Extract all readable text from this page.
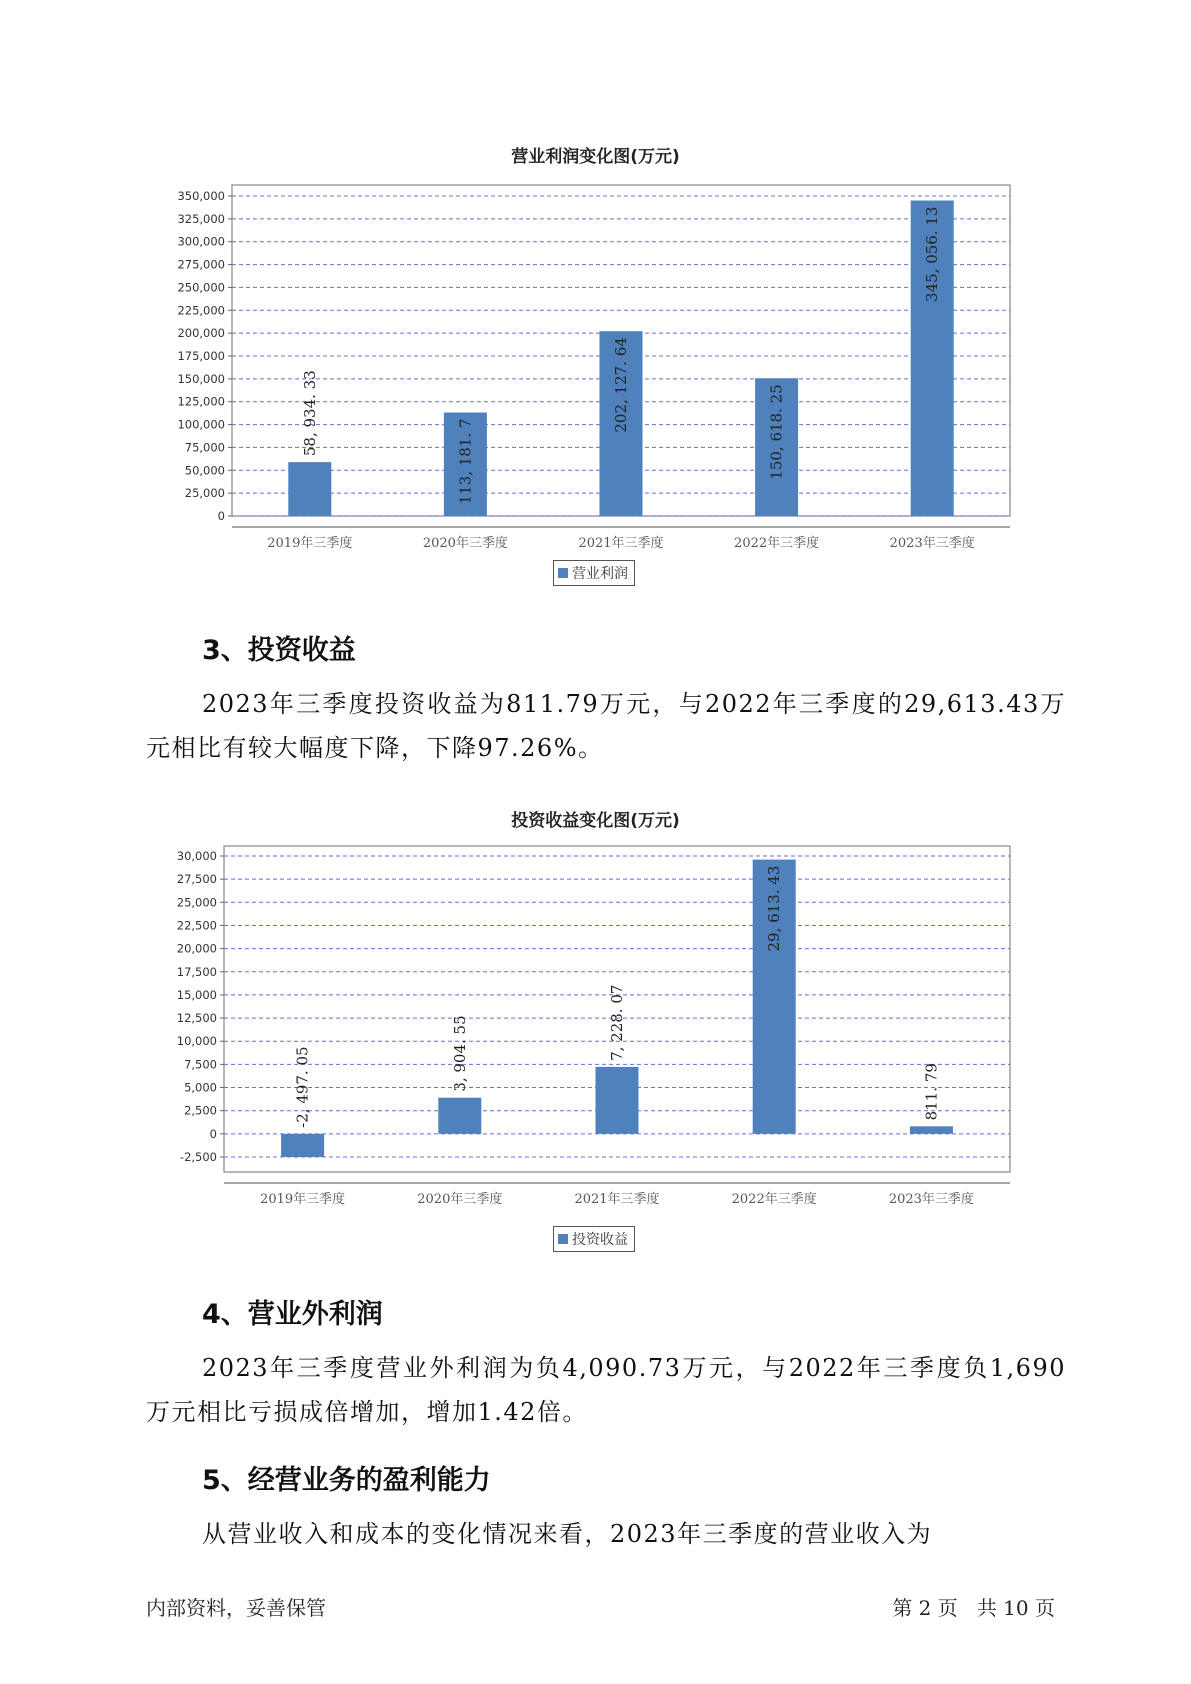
营业利润变化图(万元)
0
25,000
50,000
75,000
100,000
125,000
150,000
175,000
200,000
225,000
250,000
275,000
300,000
325,000
350,000
2019年三季度
58, 934. 33
2020年三季度
113, 181. 7
2021年三季度
202, 127. 64
2022年三季度
150, 618. 25
2023年三季度
345, 056. 13
营业利润
3、投资收益
2023年三季度投资收益为811.79万元，与2022年三季度的29,613.43万元相比有较大幅度下降，下降97.26%。
投资收益变化图(万元)
-2,500
0
2,500
5,000
7,500
10,000
12,500
15,000
17,500
20,000
22,500
25,000
27,500
30,000
2019年三季度
-2, 497. 05
2020年三季度
3, 904. 55
2021年三季度
7, 228. 07
2022年三季度
29, 613. 43
2023年三季度
811. 79
投资收益
4、营业外利润
2023年三季度营业外利润为负4,090.73万元，与2022年三季度负1,690万元相比亏损成倍增加，增加1.42倍。
5、经营业务的盈利能力
从营业收入和成本的变化情况来看，2023年三季度的营业收入为
内部资料，妥善保管	第 2 页   共 10 页
